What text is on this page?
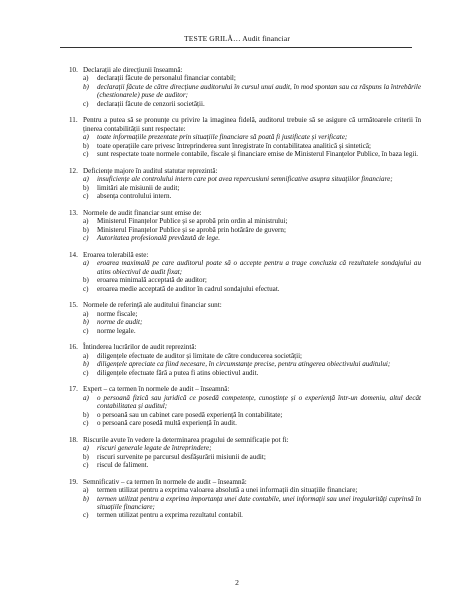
TESTE GRILĂ… Audit financiar
10. Declarații ale direcțiunii înseamnă:
a)	declarații făcute de personalul financiar contabil;
b)	declarații făcute de către direcțiune auditorului în cursul unui audit, în mod spontan sau ca răspuns la întrebările (chestionarele) puse de auditor;
c)	declarații făcute de cenzorii societății.
11. Pentru a putea să se pronunțe cu privire la imaginea fidelă, auditorul trebuie să se asigure că următoarele criterii în ținerea contabilității sunt respectate:
a)	toate informațiile prezentate prin situațiile financiare să poată fi justificate și verificate;
b)	toate operațiile care privesc întreprinderea sunt înregistrate în contabilitatea analitică și sintetică;
c)	sunt respectate toate normele contabile, fiscale și financiare emise de Ministerul Finanțelor Publice, în baza legii.
12. Deficiențe majore în auditul statutar reprezintă:
a)	insuficiențe ale controlului intern care pot avea repercusiuni semnificative asupra situațiilor financiare;
b)	limitări ale misiunii de audit;
c)	absența controlului intern.
13. Normele de audit financiar sunt emise de:
a)	Ministerul Finanțelor Publice și se aprobă prin ordin al ministrului;
b)	Ministerul Finanțelor Publice și se aprobă prin hotărâre de guvern;
c)	Autoritatea profesională prevăzută de lege.
14. Eroarea tolerabilă este:
a)	eroarea maximală pe care auditorul poate să o accepte pentru a trage concluzia că rezultatele sondajului au atins obiectivul de audit fixat;
b)	eroarea minimală acceptată de auditor;
c)	eroarea medie acceptată de auditor în cadrul sondajului efectuat.
15. Normele de referință ale auditului financiar sunt:
a)	norme fiscale;
b)	norme de audit;
c)	norme legale.
16. Întinderea lucrărilor de audit reprezintă:
a)	diligențele efectuate de auditor și limitate de către conducerea societății;
b)	diligențele apreciate ca fiind necesare, în circumstanțe precise, pentru atingerea obiectivului auditului;
c)	diligențele efectuate fără a putea fi atins obiectivul audit.
17. Expert – ca termen în normele de audit – înseamnă:
a)	o persoană fizică sau juridică ce posedă competențe, cunoștințe și o experiență într-un domeniu, altul decât contabilitatea și auditul;
b)	o persoană sau un cabinet care posedă experiență în contabilitate;
c)	o persoană care posedă multă experiență în audit.
18. Riscurile avute în vedere la determinarea pragului de semnificație pot fi:
a)	riscuri generale legate de întreprindere;
b)	riscuri survenite pe parcursul desfășurării misiunii de audit;
c)	riscul de faliment.
19. Semnificativ – ca termen în normele de audit – înseamnă:
a)	termen utilizat pentru a exprima valoarea absolută a unei informații din situațiile financiare;
b)	termen utilizat pentru a exprima importanța unei date contabile, unei informații sau unei iregularități cuprinsă în situațiile financiare;
c)	termen utilizat pentru a exprima rezultatul contabil.
2
